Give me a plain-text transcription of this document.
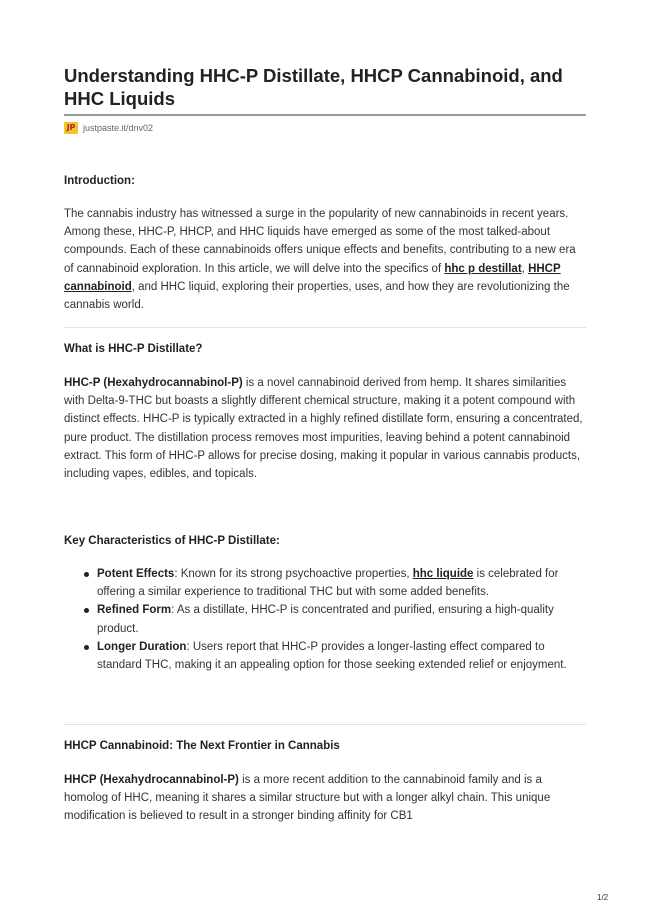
Understanding HHC-P Distillate, HHCP Cannabinoid, and HHC Liquids
JP justpaste.it/dnv02
Introduction:
The cannabis industry has witnessed a surge in the popularity of new cannabinoids in recent years. Among these, HHC-P, HHCP, and HHC liquids have emerged as some of the most talked-about compounds. Each of these cannabinoids offers unique effects and benefits, contributing to a new era of cannabinoid exploration. In this article, we will delve into the specifics of hhc p destillat, HHCP cannabinoid, and HHC liquid, exploring their properties, uses, and how they are revolutionizing the cannabis world.
What is HHC-P Distillate?
HHC-P (Hexahydrocannabinol-P) is a novel cannabinoid derived from hemp. It shares similarities with Delta-9-THC but boasts a slightly different chemical structure, making it a potent compound with distinct effects. HHC-P is typically extracted in a highly refined distillate form, ensuring a concentrated, pure product. The distillation process removes most impurities, leaving behind a potent cannabinoid extract. This form of HHC-P allows for precise dosing, making it popular in various cannabis products, including vapes, edibles, and topicals.
Key Characteristics of HHC-P Distillate:
Potent Effects: Known for its strong psychoactive properties, hhc liquide is celebrated for offering a similar experience to traditional THC but with some added benefits.
Refined Form: As a distillate, HHC-P is concentrated and purified, ensuring a high-quality product.
Longer Duration: Users report that HHC-P provides a longer-lasting effect compared to standard THC, making it an appealing option for those seeking extended relief or enjoyment.
HHCP Cannabinoid: The Next Frontier in Cannabis
HHCP (Hexahydrocannabinol-P) is a more recent addition to the cannabinoid family and is a homolog of HHC, meaning it shares a similar structure but with a longer alkyl chain. This unique modification is believed to result in a stronger binding affinity for CB1
1/2
